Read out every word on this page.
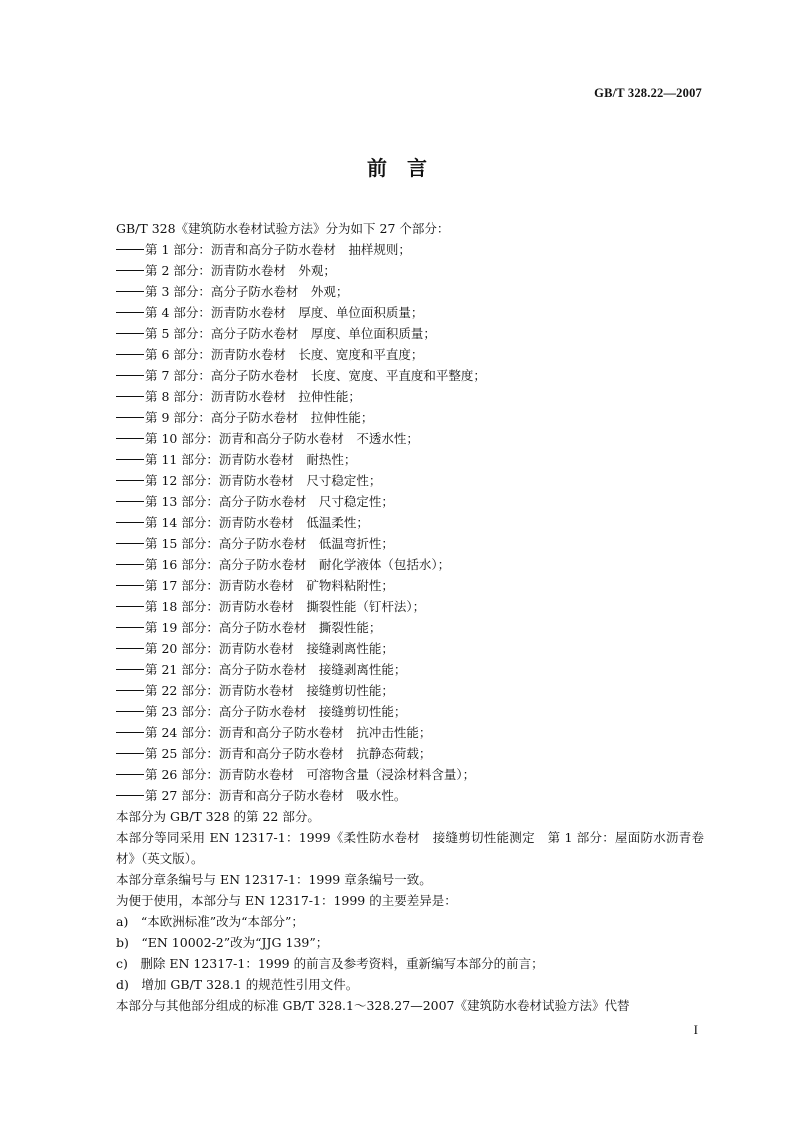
GB/T 328.22—2007
前　言

GB/T 328《建筑防水卷材试验方法》分为如下 27 个部分：

第 1 部分：沥青和高分子防水卷材　抽样规则；

第 2 部分：沥青防水卷材　外观；

第 3 部分：高分子防水卷材　外观；

第 4 部分：沥青防水卷材　厚度、单位面积质量；

第 5 部分：高分子防水卷材　厚度、单位面积质量；

第 6 部分：沥青防水卷材　长度、宽度和平直度；

第 7 部分：高分子防水卷材　长度、宽度、平直度和平整度；

第 8 部分：沥青防水卷材　拉伸性能；

第 9 部分：高分子防水卷材　拉伸性能；

第 10 部分：沥青和高分子防水卷材　不透水性；

第 11 部分：沥青防水卷材　耐热性；

第 12 部分：沥青防水卷材　尺寸稳定性；

第 13 部分：高分子防水卷材　尺寸稳定性；

第 14 部分：沥青防水卷材　低温柔性；

第 15 部分：高分子防水卷材　低温弯折性；

第 16 部分：高分子防水卷材　耐化学液体（包括水）；

第 17 部分：沥青防水卷材　矿物料粘附性；

第 18 部分：沥青防水卷材　撕裂性能（钉杆法）；

第 19 部分：高分子防水卷材　撕裂性能；

第 20 部分：沥青防水卷材　接缝剥离性能；

第 21 部分：高分子防水卷材　接缝剥离性能；

第 22 部分：沥青防水卷材　接缝剪切性能；

第 23 部分：高分子防水卷材　接缝剪切性能；

第 24 部分：沥青和高分子防水卷材　抗冲击性能；

第 25 部分：沥青和高分子防水卷材　抗静态荷载；

第 26 部分：沥青防水卷材　可溶物含量（浸涂材料含量）；

第 27 部分：沥青和高分子防水卷材　吸水性。

本部分为 GB/T 328 的第 22 部分。

本部分等同采用 EN 12317-1：1999《柔性防水卷材　接缝剪切性能测定　第 1 部分：屋面防水沥青卷材》（英文版）。

本部分章条编号与 EN 12317-1：1999 章条编号一致。

为便于使用，本部分与 EN 12317-1：1999 的主要差异是：

a)　“本欧洲标准”改为“本部分”；

b)　“EN 10002-2”改为“JJG 139”；

c)　删除 EN 12317-1：1999 的前言及参考资料，重新编写本部分的前言；

d)　增加 GB/T 328.1 的规范性引用文件。

本部分与其他部分组成的标准 GB/T 328.1～328.27—2007《建筑防水卷材试验方法》代替

I
